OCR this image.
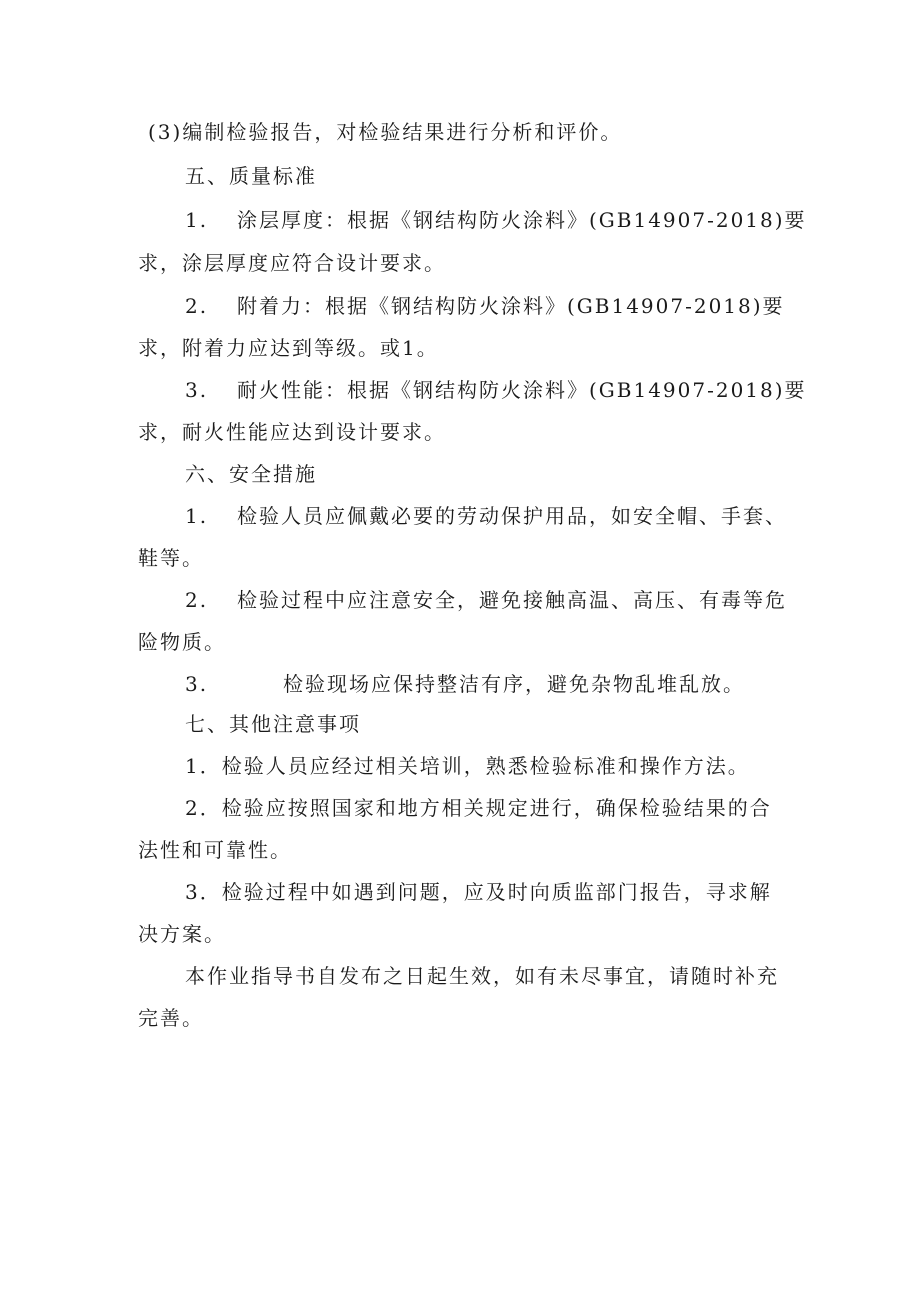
(3)编制检验报告，对检验结果进行分析和评价。
五、质量标准
1. 涂层厚度：根据《钢结构防火涂料》(GB14907-2018)要
求，涂层厚度应符合设计要求。
2. 附着力：根据《钢结构防火涂料》(GB14907-2018)要
求，附着力应达到等级。或1。
3. 耐火性能：根据《钢结构防火涂料》(GB14907-2018)要
求，耐火性能应达到设计要求。
六、安全措施
1. 检验人员应佩戴必要的劳动保护用品，如安全帽、手套、
鞋等。
2. 检验过程中应注意安全，避免接触高温、高压、有毒等危
险物质。
3.	检验现场应保持整洁有序，避免杂物乱堆乱放。
七、其他注意事项
1．检验人员应经过相关培训，熟悉检验标准和操作方法。
2．检验应按照国家和地方相关规定进行，确保检验结果的合
法性和可靠性。
3．检验过程中如遇到问题，应及时向质监部门报告，寻求解
决方案。
本作业指导书自发布之日起生效，如有未尽事宜，请随时补充
完善。
